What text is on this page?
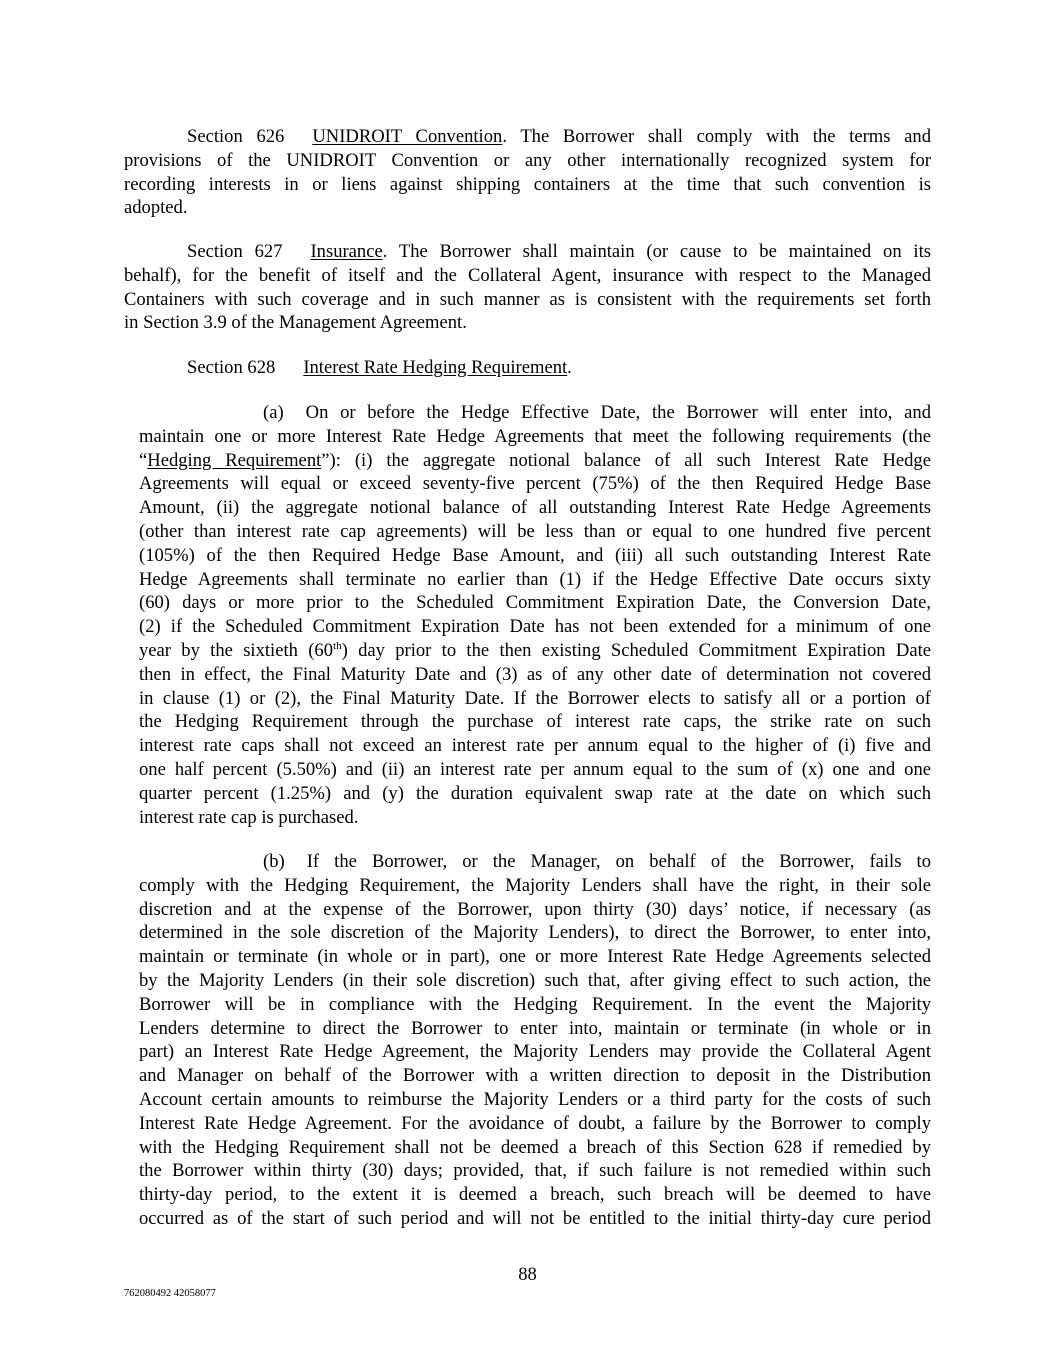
Section 626 UNIDROIT Convention. The Borrower shall comply with the terms and
provisions of the UNIDROIT Convention or any other internationally recognized system for
recording interests in or liens against shipping containers at the time that such convention is
adopted.
Section 627 Insurance. The Borrower shall maintain (or cause to be maintained on its
behalf), for the benefit of itself and the Collateral Agent, insurance with respect to the Managed
Containers with such coverage and in such manner as is consistent with the requirements set forth
in Section 3.9 of the Management Agreement.
Section 628 Interest Rate Hedging Requirement.
(a) On or before the Hedge Effective Date, the Borrower will enter into, and
maintain one or more Interest Rate Hedge Agreements that meet the following requirements (the
“Hedging Requirement”): (i) the aggregate notional balance of all such Interest Rate Hedge
Agreements will equal or exceed seventy-five percent (75%) of the then Required Hedge Base
Amount, (ii) the aggregate notional balance of all outstanding Interest Rate Hedge Agreements
(other than interest rate cap agreements) will be less than or equal to one hundred five percent
(105%) of the then Required Hedge Base Amount, and (iii) all such outstanding Interest Rate
Hedge Agreements shall terminate no earlier than (1) if the Hedge Effective Date occurs sixty
(60) days or more prior to the Scheduled Commitment Expiration Date, the Conversion Date,
(2) if the Scheduled Commitment Expiration Date has not been extended for a minimum of one
year by the sixtieth (60th) day prior to the then existing Scheduled Commitment Expiration Date
then in effect, the Final Maturity Date and (3) as of any other date of determination not covered
in clause (1) or (2), the Final Maturity Date. If the Borrower elects to satisfy all or a portion of
the Hedging Requirement through the purchase of interest rate caps, the strike rate on such
interest rate caps shall not exceed an interest rate per annum equal to the higher of (i) five and
one half percent (5.50%) and (ii) an interest rate per annum equal to the sum of (x) one and one
quarter percent (1.25%) and (y) the duration equivalent swap rate at the date on which such
interest rate cap is purchased.
(b) If the Borrower, or the Manager, on behalf of the Borrower, fails to
comply with the Hedging Requirement, the Majority Lenders shall have the right, in their sole
discretion and at the expense of the Borrower, upon thirty (30) days’ notice, if necessary (as
determined in the sole discretion of the Majority Lenders), to direct the Borrower, to enter into,
maintain or terminate (in whole or in part), one or more Interest Rate Hedge Agreements selected
by the Majority Lenders (in their sole discretion) such that, after giving effect to such action, the
Borrower will be in compliance with the Hedging Requirement. In the event the Majority
Lenders determine to direct the Borrower to enter into, maintain or terminate (in whole or in
part) an Interest Rate Hedge Agreement, the Majority Lenders may provide the Collateral Agent
and Manager on behalf of the Borrower with a written direction to deposit in the Distribution
Account certain amounts to reimburse the Majority Lenders or a third party for the costs of such
Interest Rate Hedge Agreement. For the avoidance of doubt, a failure by the Borrower to comply
with the Hedging Requirement shall not be deemed a breach of this Section 628 if remedied by
the Borrower within thirty (30) days; provided, that, if such failure is not remedied within such
thirty-day period, to the extent it is deemed a breach, such breach will be deemed to have
occurred as of the start of such period and will not be entitled to the initial thirty-day cure period
88
762080492 42058077
